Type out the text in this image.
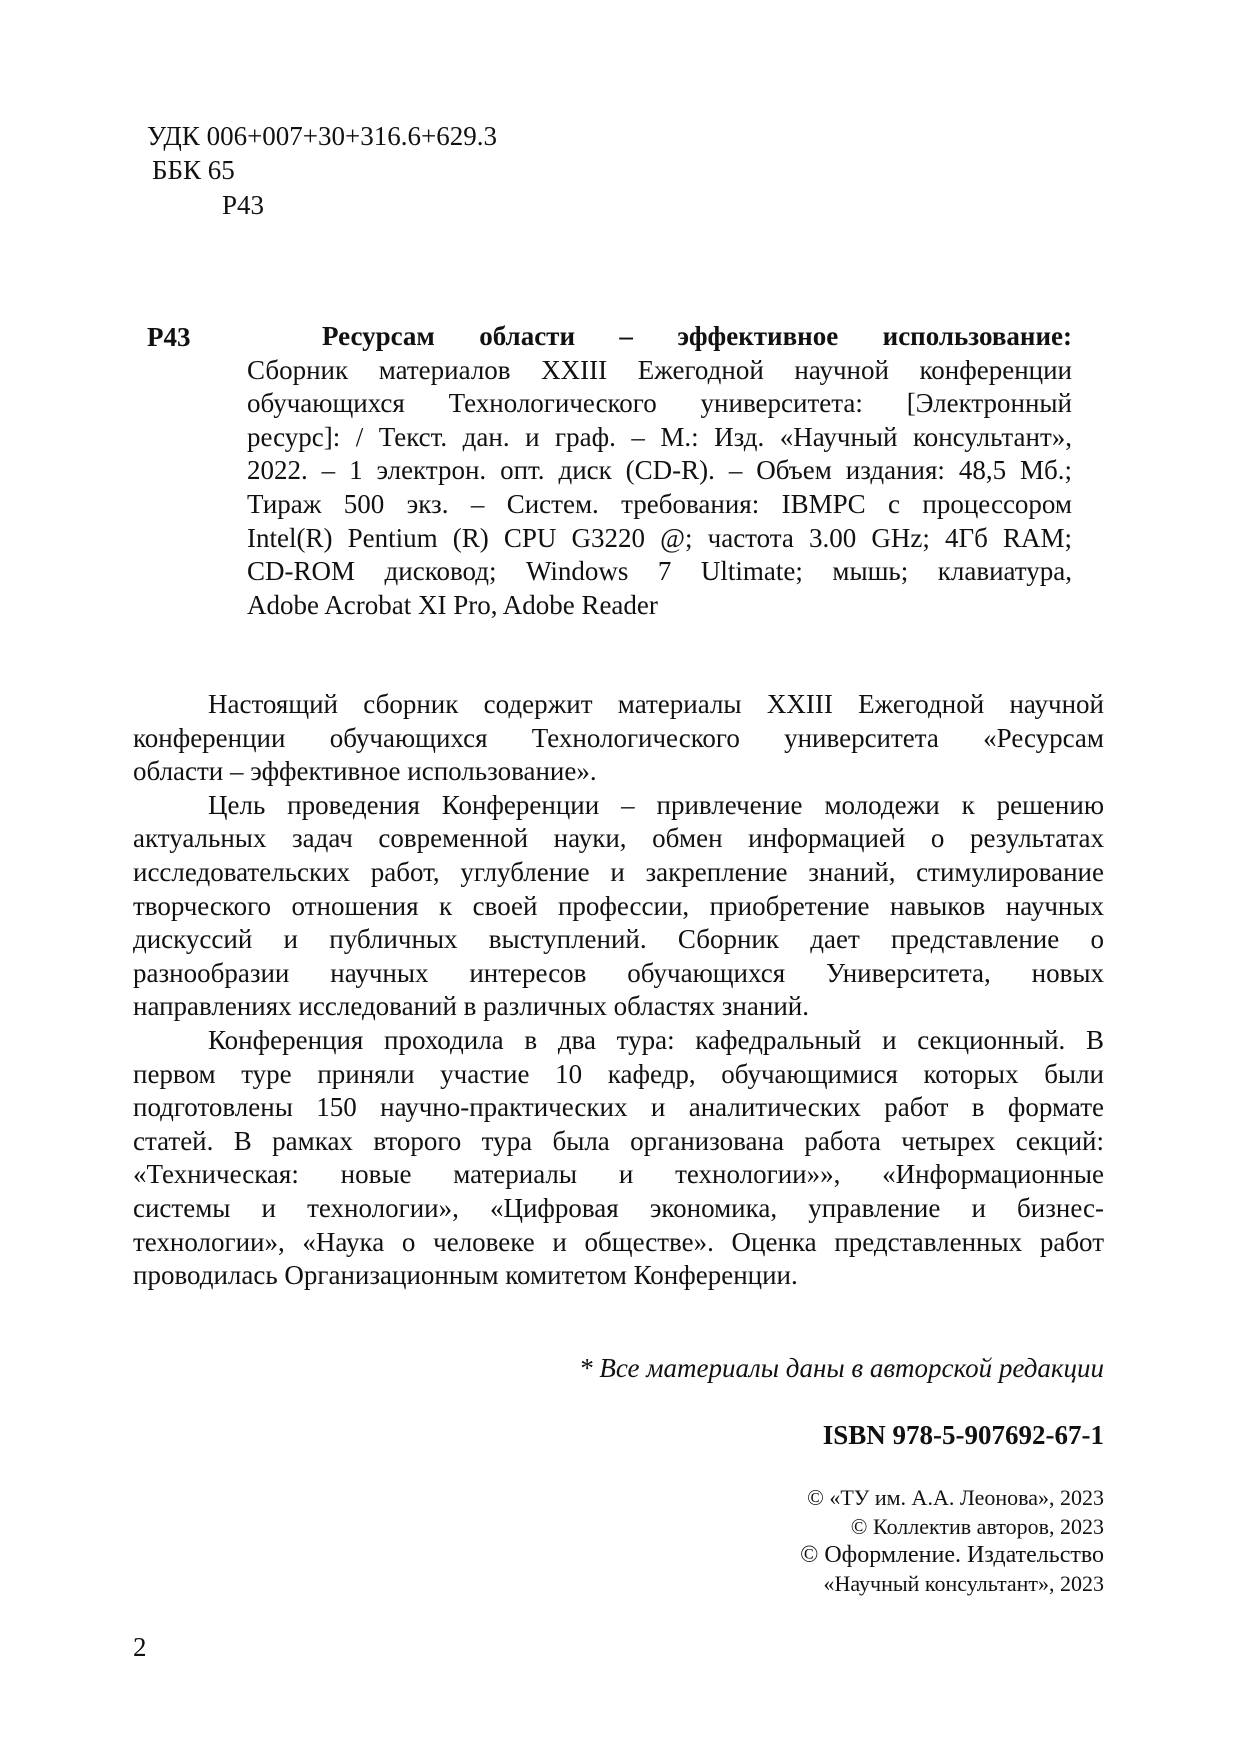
УДК 006+007+30+316.6+629.3
ББК 65
Р43
Р43	Ресурсам области – эффективное использование:
Сборник материалов XXIII Ежегодной научной конференции
обучающихся Технологического университета: [Электронный
ресурс]: / Текст. дан. и граф. – М.: Изд. «Научный консультант»,
2022. – 1 электрон. опт. диск (CD-R). – Объем издания: 48,5 Мб.;
Тираж 500 экз. – Систем. требования: IBMPC с процессором
Intel(R) Pentium (R) CPU G3220 @; частота 3.00 GHz; 4Гб RAM;
CD-ROM дисковод; Windows 7 Ultimate; мышь; клавиатура,
Adobe Acrobat XI Pro, Adobe Reader
Настоящий сборник содержит материалы XXIII Ежегодной научной
конференции обучающихся Технологического университета «Ресурсам
области – эффективное использование».
Цель проведения Конференции – привлечение молодежи к решению
актуальных задач современной науки, обмен информацией о результатах
исследовательских работ, углубление и закрепление знаний, стимулирование
творческого отношения к своей профессии, приобретение навыков научных
дискуссий и публичных выступлений. Сборник дает представление о
разнообразии научных интересов обучающихся Университета, новых
направлениях исследований в различных областях знаний.
Конференция проходила в два тура: кафедральный и секционный. В
первом туре приняли участие 10 кафедр, обучающимися которых были
подготовлены 150 научно-практических и аналитических работ в формате
статей. В рамках второго тура была организована работа четырех секций:
«Техническая: новые материалы и технологии»», «Информационные
системы и технологии», «Цифровая экономика, управление и бизнес-
технологии», «Наука о человеке и обществе». Оценка представленных работ
проводилась Организационным комитетом Конференции.
* Все материалы даны в авторской редакции
ISBN 978-5-907692-67-1
© «ТУ им. А.А. Леонова», 2023
© Коллектив авторов, 2023
© Оформление. Издательство
«Научный консультант», 2023
2
